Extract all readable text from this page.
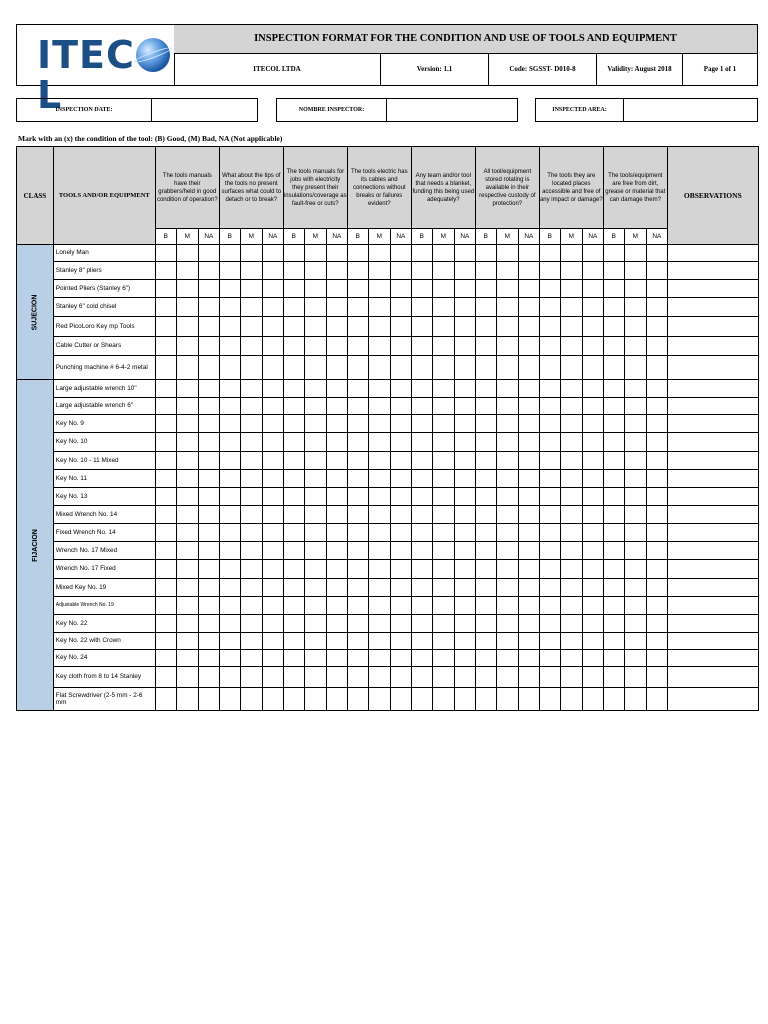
ITECL
INSPECTION FORMAT FOR THE CONDITION AND USE OF TOOLS AND EQUIPMENT
ITECOL LTDA	Version: 1.1	Code: SGSST- D010-8	Validity: August 2018	Page 1 of 1
INSPECTION DATE:	NOMBRE INSPECTOR:	INSPECTED AREA:
Mark with an (x) the condition of the tool: (B) Good, (M) Bad, NA (Not applicable)
CLASS	TOOLS AND/OR EQUIPMENT	The tools manuals have their grabbers/held in good condition of operation?			What about the tips of the tools no present surfaces what could to detach or to break?			The tools manuals for jobs with electricity they present their insulations/coverage as fault-free or cuts?			The tools electric has its cables and connections without breaks or failures evident?			Any team and/or tool that needs a blanket, funding this being used adequately?			All tool/equipment stored rotating is available in their respective custody of protection?			The tools they are located places accessible and free of any impact or damage?			The tools/equipment are free from dirt, grease or material that can damage them?			OBSERVATIONS
		B	M	NA	B	M	NA	B	M	NA	B	M	NA	B	M	NA	B	M	NA	B	M	NA	B	M	NA	
SUJECION	Lonely Man																									
	Stanley 8" pliers																									
	Pointed Pliers (Stanley 6")																									
	Stanley 6" cold chisel																									
	Red PicoLoro Key mp Tools																									
	Cable Cutter or Shears																									
	Punching machine # 6-4-2 metal																									
FIJACION	Large adjustable wrench 10"																									
	Large adjustable wrench 6"																									
	Key No. 9																									
	Key No. 10																									
	Key No. 10 - 11 Mixed																									
	Key No. 11																									
	Key No. 13																									
	Mixed Wrench No. 14																									
	Fixed Wrench No. 14																									
	Wrench No. 17 Mixed																									
	Wrench No. 17 Fixed																									
	Mixed Key No. 19																									
	Adjustable Wrench No. 19																									
	Key No. 22																									
	Key No. 22 with Crown																									
	Key No. 24																									
	Key cloth from 8 to 14 Stanley																									
	Flat Screwdriver (2-5 mm - 2-6 mm																									
